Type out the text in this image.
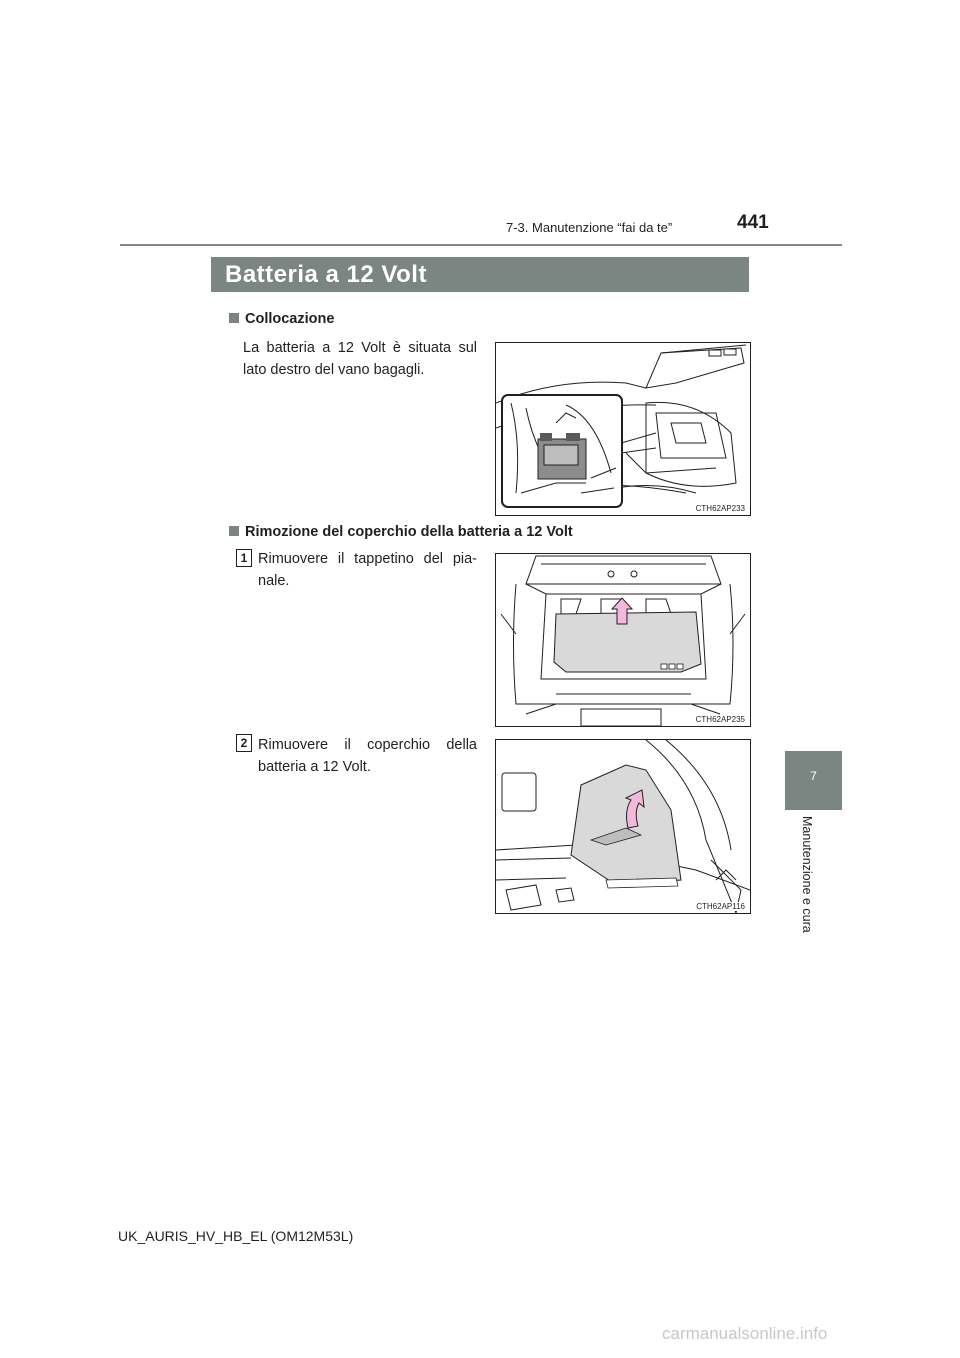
7-3. Manutenzione “fai da te”	441
Batteria a 12 Volt
7
Manutenzione e cura
Collocazione
La batteria a 12 Volt è situata sul lato destro del vano bagagli.
CTH62AP233
Rimozione del coperchio della batteria a 12 Volt
1 Rimuovere il tappetino del pia-nale.
CTH62AP235
2 Rimuovere il coperchio della batteria a 12 Volt.
CTH62AP116
UK_AURIS_HV_HB_EL (OM12M53L)
carmanualsonline.info
